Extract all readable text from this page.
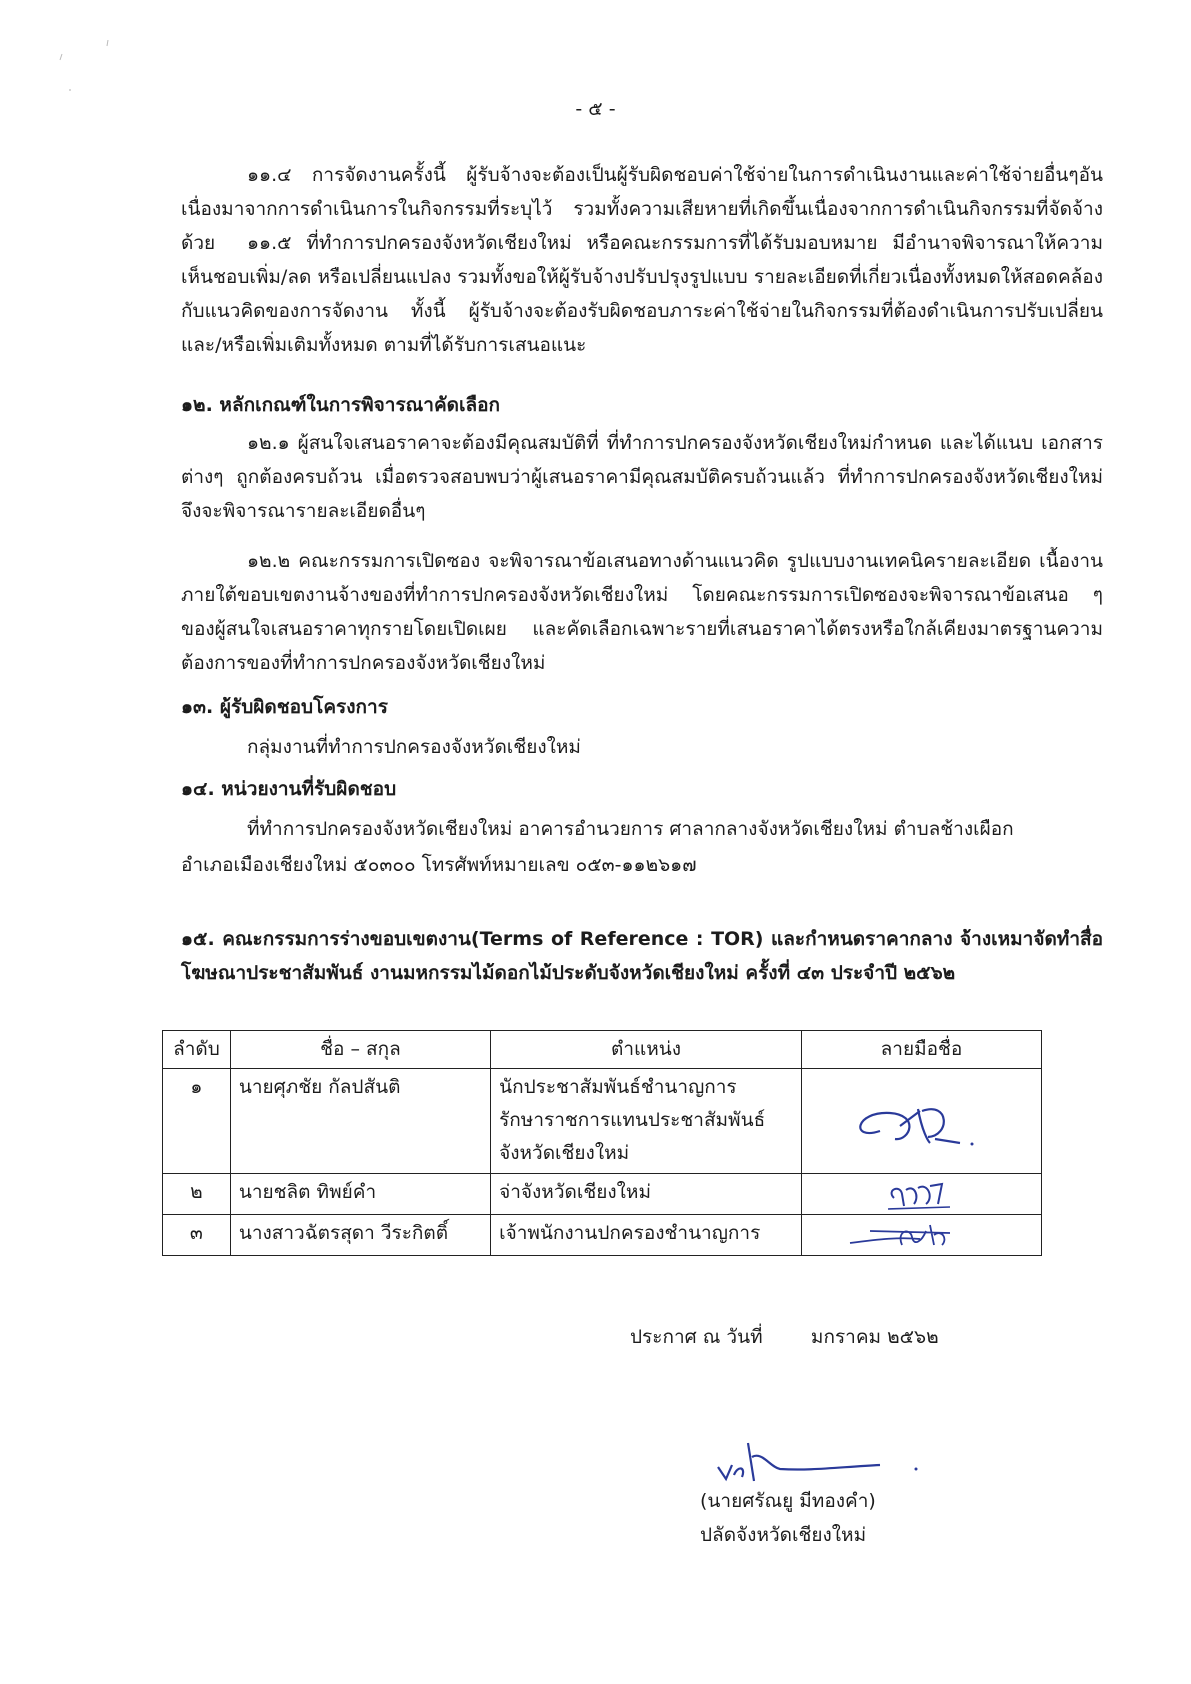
- ๕ -
๑๑.๔ การจัดงานครั้งนี้ ผู้รับจ้างจะต้องเป็นผู้รับผิดชอบค่าใช้จ่ายในการดำเนินงานและค่าใช้จ่ายอื่นๆอัน เนื่องมาจากการดำเนินการในกิจกรรมที่ระบุไว้ รวมทั้งความเสียหายที่เกิดขึ้นเนื่องจากการดำเนินกิจกรรมที่จัดจ้างด้วย	๑๑.๕ ที่ทำการปกครองจังหวัดเชียงใหม่ หรือคณะกรรมการที่ได้รับมอบหมาย มีอำนาจพิจารณาให้ความ เห็นชอบเพิ่ม/ลด หรือเปลี่ยนแปลง รวมทั้งขอให้ผู้รับจ้างปรับปรุงรูปแบบ รายละเอียดที่เกี่ยวเนื่องทั้งหมดให้สอดคล้องกับแนวคิดของการจัดงาน ทั้งนี้ ผู้รับจ้างจะต้องรับผิดชอบภาระค่าใช้จ่ายในกิจกรรมที่ต้องดำเนินการปรับเปลี่ยน และ/หรือเพิ่มเติมทั้งหมด ตามที่ได้รับการเสนอแนะ
๑๒. หลักเกณฑ์ในการพิจารณาคัดเลือก
๑๒.๑ ผู้สนใจเสนอราคาจะต้องมีคุณสมบัติที่ ที่ทำการปกครองจังหวัดเชียงใหม่กำหนด และได้แนบ เอกสารต่างๆ ถูกต้องครบถ้วน เมื่อตรวจสอบพบว่าผู้เสนอราคามีคุณสมบัติครบถ้วนแล้ว ที่ทำการปกครองจังหวัดเชียงใหม่จึงจะพิจารณารายละเอียดอื่นๆ
๑๒.๒ คณะกรรมการเปิดซอง จะพิจารณาข้อเสนอทางด้านแนวคิด รูปแบบงานเทคนิครายละเอียด เนื้องาน ภายใต้ขอบเขตงานจ้างของที่ทำการปกครองจังหวัดเชียงใหม่ โดยคณะกรรมการเปิดซองจะพิจารณาข้อเสนอ ๆ ของผู้สนใจเสนอราคาทุกรายโดยเปิดเผย และคัดเลือกเฉพาะรายที่เสนอราคาได้ตรงหรือใกล้เคียงมาตรฐานความต้องการของที่ทำการปกครองจังหวัดเชียงใหม่
๑๓. ผู้รับผิดชอบโครงการ
กลุ่มงานที่ทำการปกครองจังหวัดเชียงใหม่
๑๔. หน่วยงานที่รับผิดชอบ
ที่ทำการปกครองจังหวัดเชียงใหม่ อาคารอำนวยการ ศาลากลางจังหวัดเชียงใหม่ ตำบลช้างเผือก
อำเภอเมืองเชียงใหม่ ๕๐๓๐๐ โทรศัพท์หมายเลข ๐๕๓-๑๑๒๖๑๗
๑๕. คณะกรรมการร่างขอบเขตงาน(Terms of Reference : TOR) และกำหนดราคากลาง จ้างเหมาจัดทำสื่อโฆษณาประชาสัมพันธ์ งานมหกรรมไม้ดอกไม้ประดับจังหวัดเชียงใหม่ ครั้งที่ ๔๓ ประจำปี ๒๕๖๒
ลำดับ	ชื่อ – สกุล	ตำแหน่ง	ลายมือชื่อ
๑	นายศุภชัย กัลปสันติ	นักประชาสัมพันธ์ชำนาญการ
รักษาราชการแทนประชาสัมพันธ์
จังหวัดเชียงใหม่

๒	นายชลิต ทิพย์คำ	จ่าจังหวัดเชียงใหม่

๓	นางสาวฉัตรสุดา วีระกิตติ์	เจ้าพนักงานปกครองชำนาญการ

ประกาศ ณ วันที่	มกราคม ๒๕๖๒
(นายศรัณยู มีทองคำ)
ปลัดจังหวัดเชียงใหม่
